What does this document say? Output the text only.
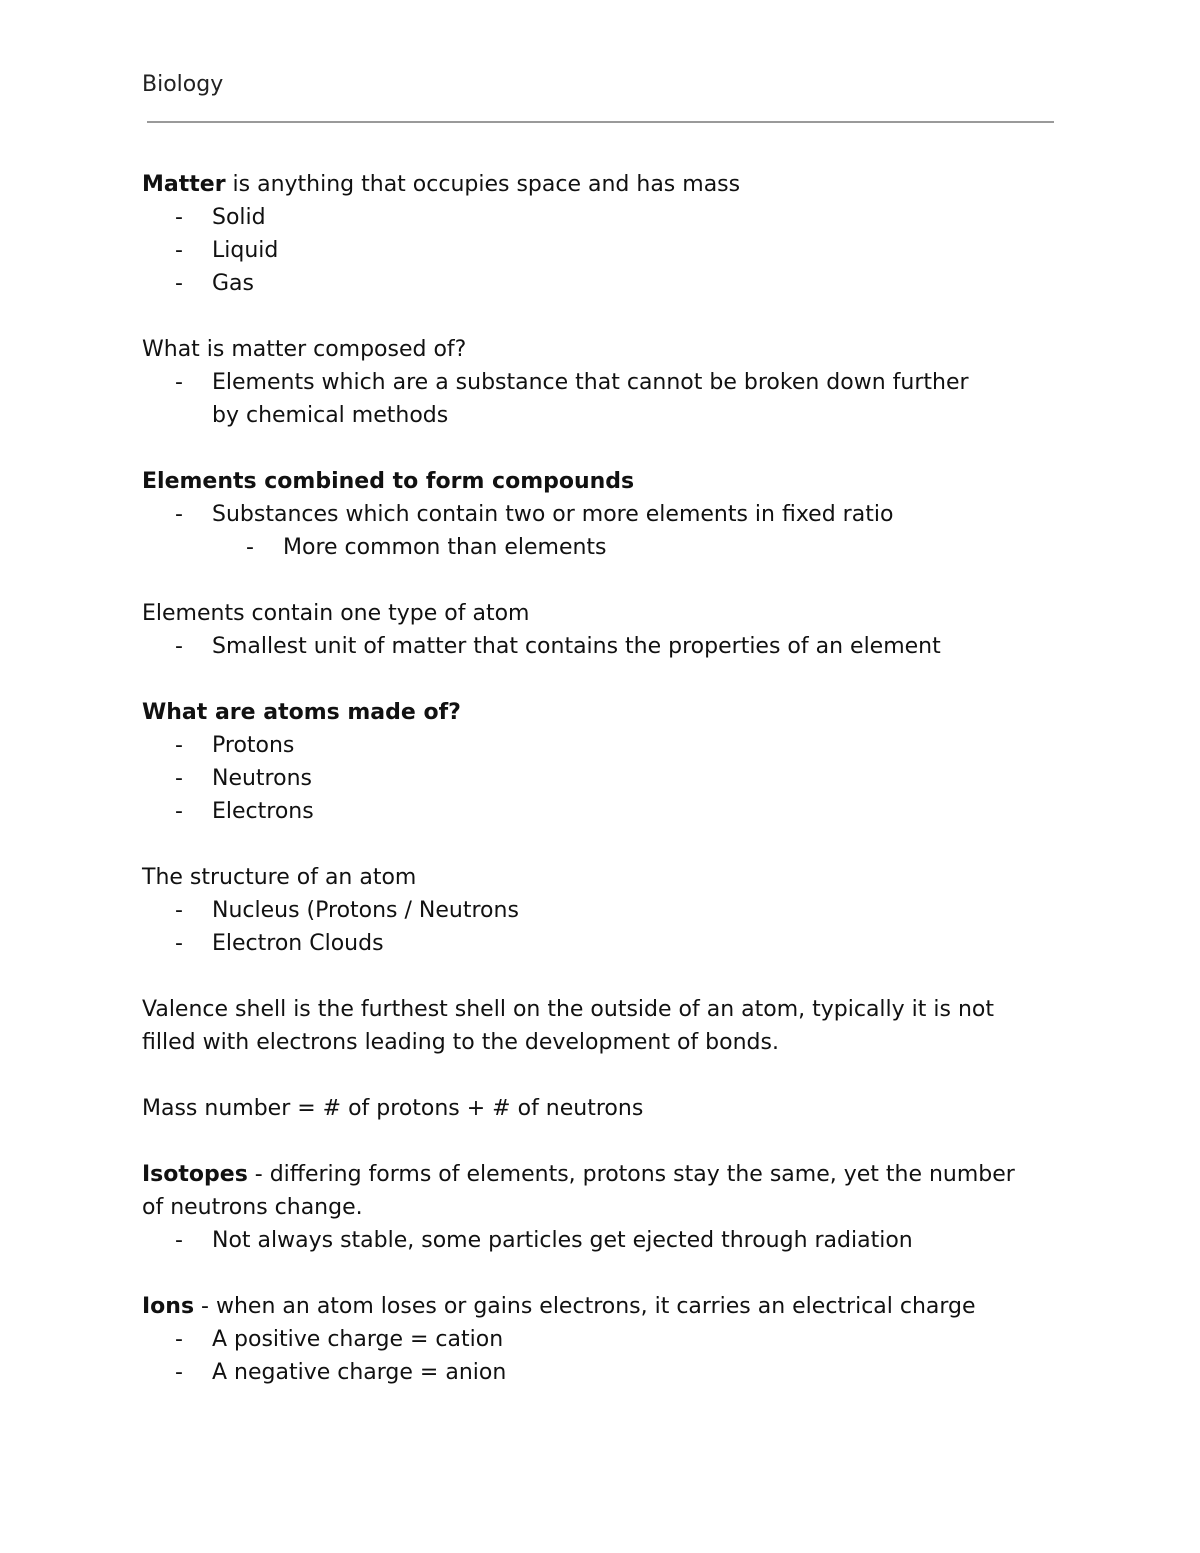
Biology

Matter is anything that occupies space and has mass

- Solid
- Liquid
- Gas

What is matter composed of?

- Elements which are a substance that cannot be broken down further
by chemical methods

Elements combined to form compounds

- Substances which contain two or more elements in fixed ratio
- More common than elements

Elements contain one type of atom

- Smallest unit of matter that contains the properties of an element

What are atoms made of?

- Protons
- Neutrons
- Electrons

The structure of an atom

- Nucleus (Protons / Neutrons
- Electron Clouds

Valence shell is the furthest shell on the outside of an atom, typically it is not

filled with electrons leading to the development of bonds.

Mass number = # of protons + # of neutrons

Isotopes - differing forms of elements, protons stay the same, yet the number

of neutrons change.

- Not always stable, some particles get ejected through radiation

Ions - when an atom loses or gains electrons, it carries an electrical charge

- A positive charge = cation
- A negative charge = anion
